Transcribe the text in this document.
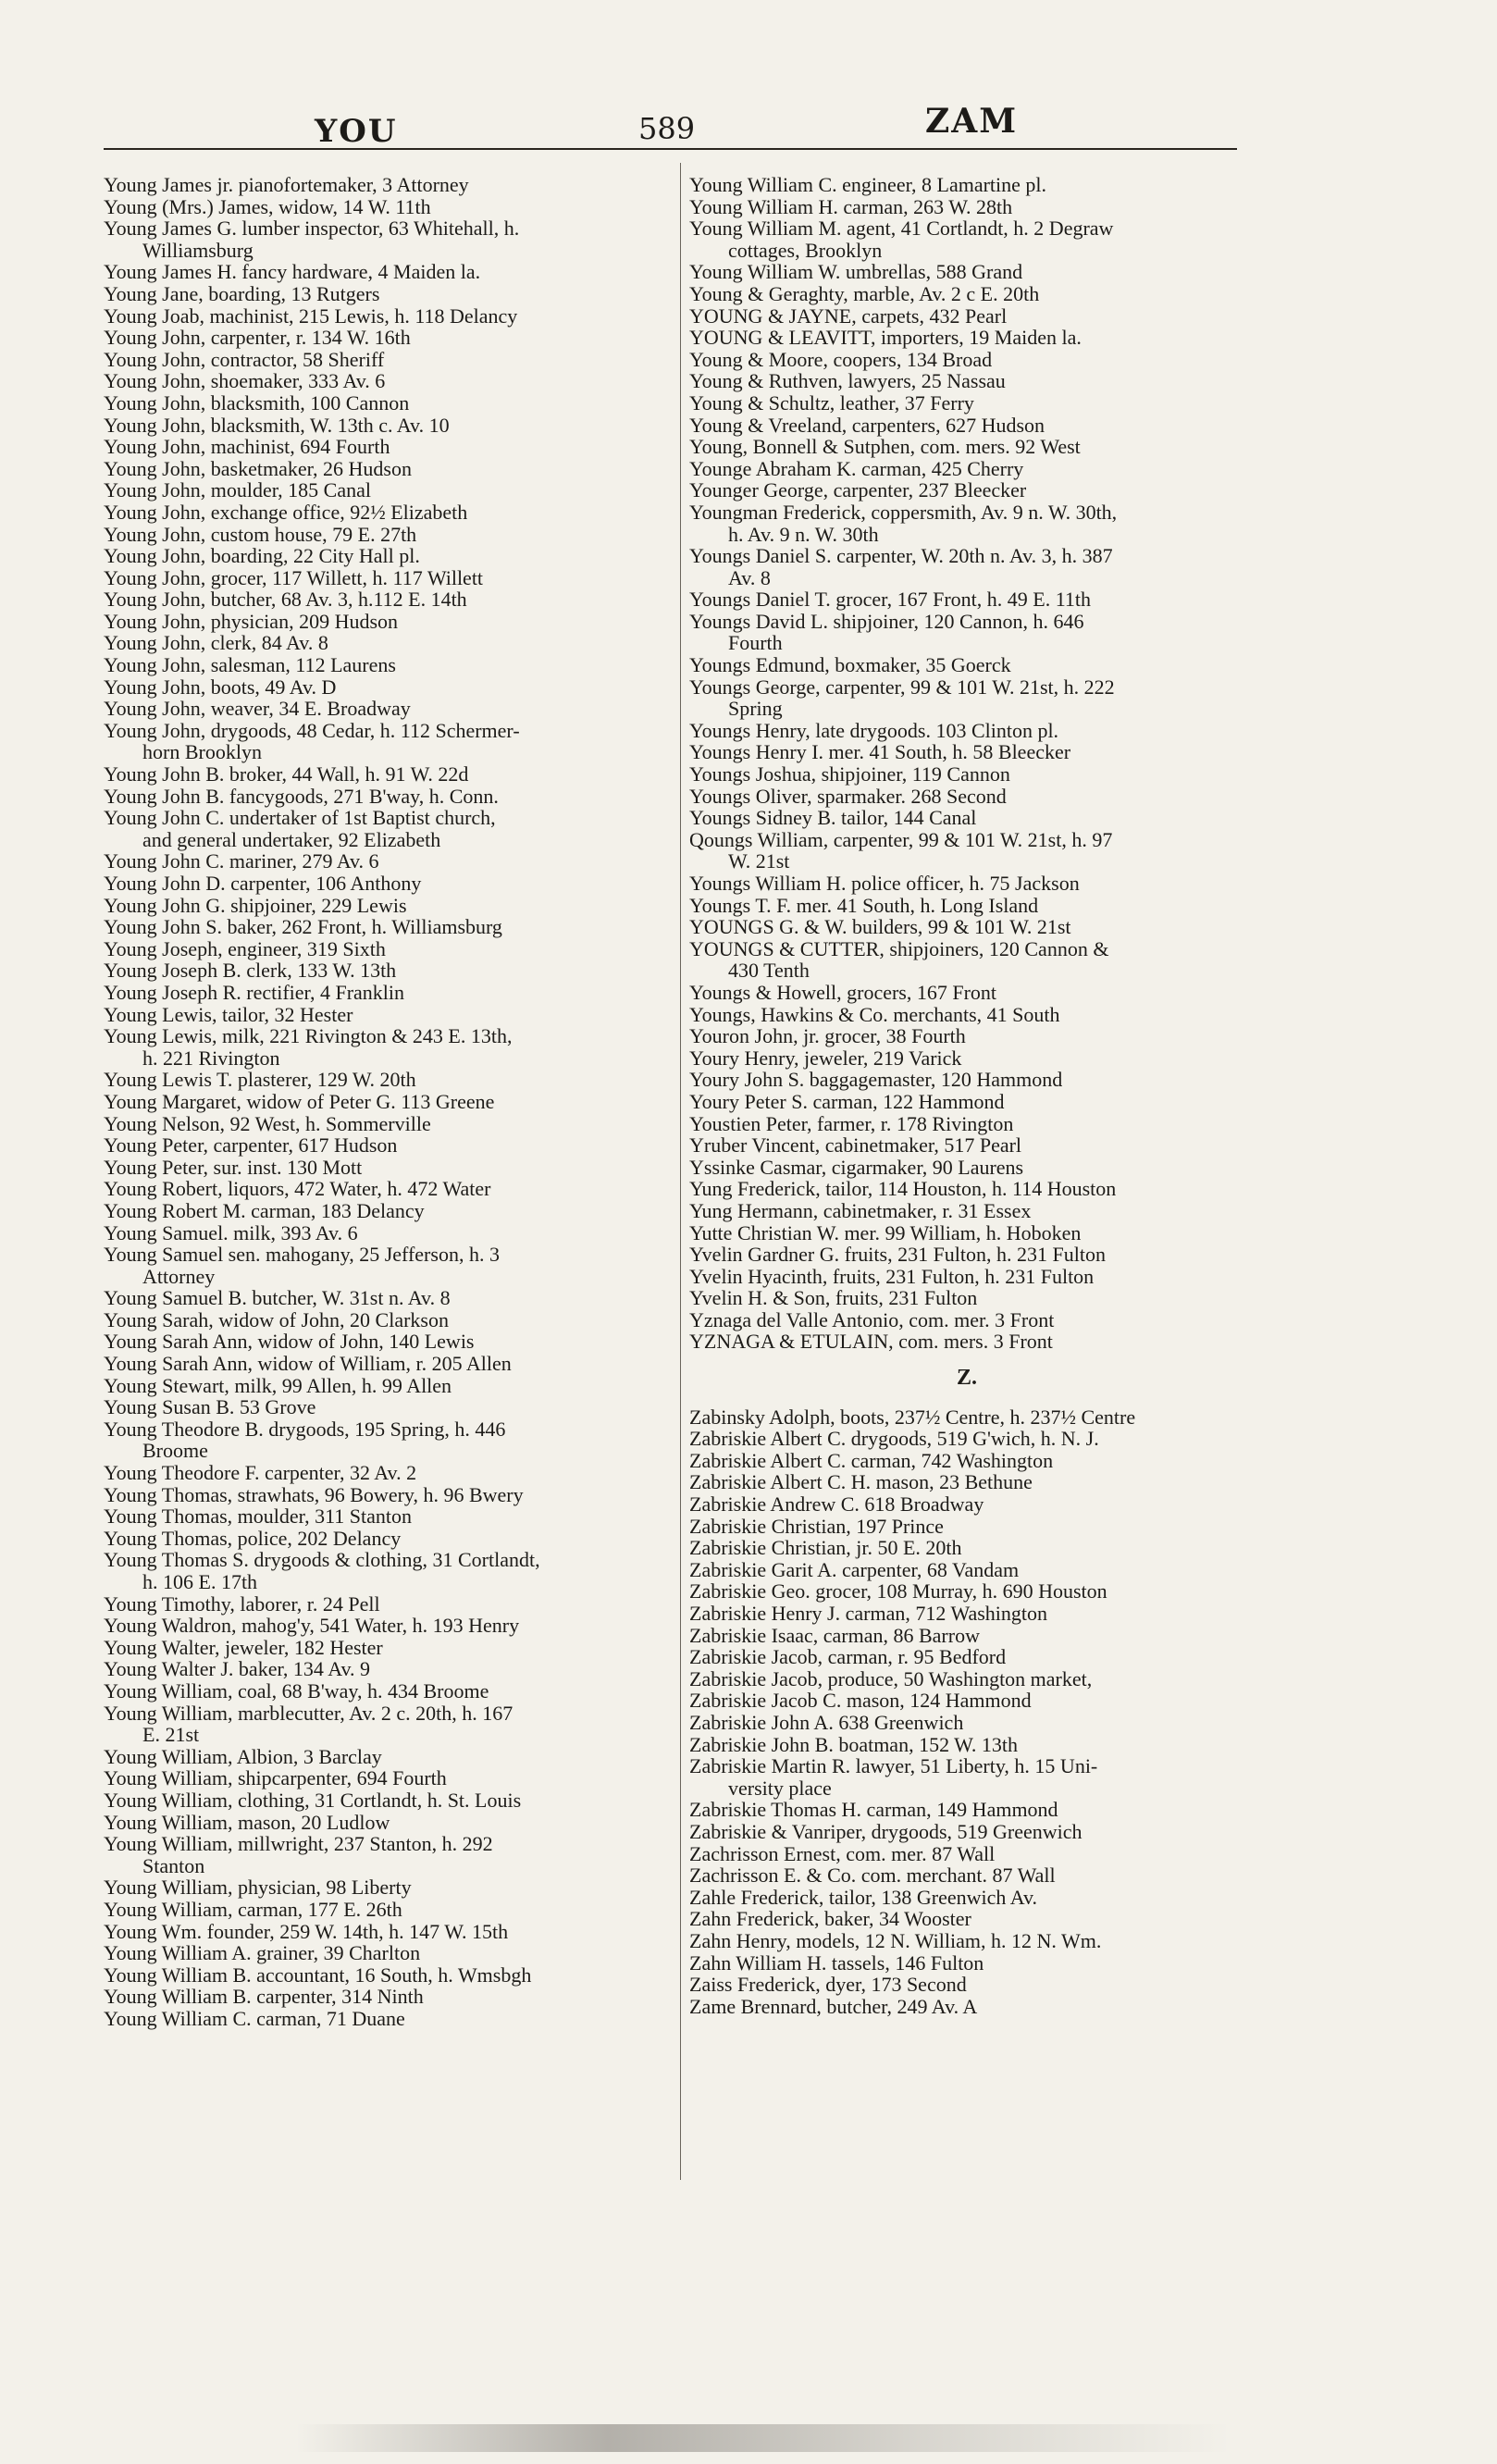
YOU	589	ZAM
Young James jr. pianofortemaker, 3 Attorney
Young (Mrs.) James, widow, 14 W. 11th
Young James G. lumber inspector, 63 Whitehall, h.
Williamsburg
Young James H. fancy hardware, 4 Maiden la.
Young Jane, boarding, 13 Rutgers
Young Joab, machinist, 215 Lewis, h. 118 Delancy
Young John, carpenter, r. 134 W. 16th
Young John, contractor, 58 Sheriff
Young John, shoemaker, 333 Av. 6
Young John, blacksmith, 100 Cannon
Young John, blacksmith, W. 13th c. Av. 10
Young John, machinist, 694 Fourth
Young John, basketmaker, 26 Hudson
Young John, moulder, 185 Canal
Young John, exchange office, 92½ Elizabeth
Young John, custom house, 79 E. 27th
Young John, boarding, 22 City Hall pl.
Young John, grocer, 117 Willett, h. 117 Willett
Young John, butcher, 68 Av. 3, h.112 E. 14th
Young John, physician, 209 Hudson
Young John, clerk, 84 Av. 8
Young John, salesman, 112 Laurens
Young John, boots, 49 Av. D
Young John, weaver, 34 E. Broadway
Young John, drygoods, 48 Cedar, h. 112 Schermer-
horn Brooklyn
Young John B. broker, 44 Wall, h. 91 W. 22d
Young John B. fancygoods, 271 B'way, h. Conn.
Young John C. undertaker of 1st Baptist church,
and general undertaker, 92 Elizabeth
Young John C. mariner, 279 Av. 6
Young John D. carpenter, 106 Anthony
Young John G. shipjoiner, 229 Lewis
Young John S. baker, 262 Front, h. Williamsburg
Young Joseph, engineer, 319 Sixth
Young Joseph B. clerk, 133 W. 13th
Young Joseph R. rectifier, 4 Franklin
Young Lewis, tailor, 32 Hester
Young Lewis, milk, 221 Rivington & 243 E. 13th,
h. 221 Rivington
Young Lewis T. plasterer, 129 W. 20th
Young Margaret, widow of Peter G. 113 Greene
Young Nelson, 92 West, h. Sommerville
Young Peter, carpenter, 617 Hudson
Young Peter, sur. inst. 130 Mott
Young Robert, liquors, 472 Water, h. 472 Water
Young Robert M. carman, 183 Delancy
Young Samuel. milk, 393 Av. 6
Young Samuel sen. mahogany, 25 Jefferson, h. 3
Attorney
Young Samuel B. butcher, W. 31st n. Av. 8
Young Sarah, widow of John, 20 Clarkson
Young Sarah Ann, widow of John, 140 Lewis
Young Sarah Ann, widow of William, r. 205 Allen
Young Stewart, milk, 99 Allen, h. 99 Allen
Young Susan B. 53 Grove
Young Theodore B. drygoods, 195 Spring, h. 446
Broome
Young Theodore F. carpenter, 32 Av. 2
Young Thomas, strawhats, 96 Bowery, h. 96 Bwery
Young Thomas, moulder, 311 Stanton
Young Thomas, police, 202 Delancy
Young Thomas S. drygoods & clothing, 31 Cortlandt,
h. 106 E. 17th
Young Timothy, laborer, r. 24 Pell
Young Waldron, mahog'y, 541 Water, h. 193 Henry
Young Walter, jeweler, 182 Hester
Young Walter J. baker, 134 Av. 9
Young William, coal, 68 B'way, h. 434 Broome
Young William, marblecutter, Av. 2 c. 20th, h. 167
E. 21st
Young William, Albion, 3 Barclay
Young William, shipcarpenter, 694 Fourth
Young William, clothing, 31 Cortlandt, h. St. Louis
Young William, mason, 20 Ludlow
Young William, millwright, 237 Stanton, h. 292
Stanton
Young William, physician, 98 Liberty
Young William, carman, 177 E. 26th
Young Wm. founder, 259 W. 14th, h. 147 W. 15th
Young William A. grainer, 39 Charlton
Young William B. accountant, 16 South, h. Wmsbgh
Young William B. carpenter, 314 Ninth
Young William C. carman, 71 Duane
Young William C. engineer, 8 Lamartine pl.
Young William H. carman, 263 W. 28th
Young William M. agent, 41 Cortlandt, h. 2 Degraw
cottages, Brooklyn
Young William W. umbrellas, 588 Grand
Young & Geraghty, marble, Av. 2 c E. 20th
YOUNG & JAYNE, carpets, 432 Pearl
YOUNG & LEAVITT, importers, 19 Maiden la.
Young & Moore, coopers, 134 Broad
Young & Ruthven, lawyers, 25 Nassau
Young & Schultz, leather, 37 Ferry
Young & Vreeland, carpenters, 627 Hudson
Young, Bonnell & Sutphen, com. mers. 92 West
Younge Abraham K. carman, 425 Cherry
Younger George, carpenter, 237 Bleecker
Youngman Frederick, coppersmith, Av. 9 n. W. 30th,
h. Av. 9 n. W. 30th
Youngs Daniel S. carpenter, W. 20th n. Av. 3, h. 387
Av. 8
Youngs Daniel T. grocer, 167 Front, h. 49 E. 11th
Youngs David L. shipjoiner, 120 Cannon, h. 646
Fourth
Youngs Edmund, boxmaker, 35 Goerck
Youngs George, carpenter, 99 & 101 W. 21st, h. 222
Spring
Youngs Henry, late drygoods. 103 Clinton pl.
Youngs Henry I. mer. 41 South, h. 58 Bleecker
Youngs Joshua, shipjoiner, 119 Cannon
Youngs Oliver, sparmaker. 268 Second
Youngs Sidney B. tailor, 144 Canal
Qoungs William, carpenter, 99 & 101 W. 21st, h. 97
W. 21st
Youngs William H. police officer, h. 75 Jackson
Youngs T. F. mer. 41 South, h. Long Island
YOUNGS G. & W. builders, 99 & 101 W. 21st
YOUNGS & CUTTER, shipjoiners, 120 Cannon &
430 Tenth
Youngs & Howell, grocers, 167 Front
Youngs, Hawkins & Co. merchants, 41 South
Youron John, jr. grocer, 38 Fourth
Youry Henry, jeweler, 219 Varick
Youry John S. baggagemaster, 120 Hammond
Youry Peter S. carman, 122 Hammond
Youstien Peter, farmer, r. 178 Rivington
Yruber Vincent, cabinetmaker, 517 Pearl
Yssinke Casmar, cigarmaker, 90 Laurens
Yung Frederick, tailor, 114 Houston, h. 114 Houston
Yung Hermann, cabinetmaker, r. 31 Essex
Yutte Christian W. mer. 99 William, h. Hoboken
Yvelin Gardner G. fruits, 231 Fulton, h. 231 Fulton
Yvelin Hyacinth, fruits, 231 Fulton, h. 231 Fulton
Yvelin H. & Son, fruits, 231 Fulton
Yznaga del Valle Antonio, com. mer. 3 Front
YZNAGA & ETULAIN, com. mers. 3 Front
Z.
Zabinsky Adolph, boots, 237½ Centre, h. 237½ Centre
Zabriskie Albert C. drygoods, 519 G'wich, h. N. J.
Zabriskie Albert C. carman, 742 Washington
Zabriskie Albert C. H. mason, 23 Bethune
Zabriskie Andrew C. 618 Broadway
Zabriskie Christian, 197 Prince
Zabriskie Christian, jr. 50 E. 20th
Zabriskie Garit A. carpenter, 68 Vandam
Zabriskie Geo. grocer, 108 Murray, h. 690 Houston
Zabriskie Henry J. carman, 712 Washington
Zabriskie Isaac, carman, 86 Barrow
Zabriskie Jacob, carman, r. 95 Bedford
Zabriskie Jacob, produce, 50 Washington market,
Zabriskie Jacob C. mason, 124 Hammond
Zabriskie John A. 638 Greenwich
Zabriskie John B. boatman, 152 W. 13th
Zabriskie Martin R. lawyer, 51 Liberty, h. 15 Uni-
versity place
Zabriskie Thomas H. carman, 149 Hammond
Zabriskie & Vanriper, drygoods, 519 Greenwich
Zachrisson Ernest, com. mer. 87 Wall
Zachrisson E. & Co. com. merchant. 87 Wall
Zahle Frederick, tailor, 138 Greenwich Av.
Zahn Frederick, baker, 34 Wooster
Zahn Henry, models, 12 N. William, h. 12 N. Wm.
Zahn William H. tassels, 146 Fulton
Zaiss Frederick, dyer, 173 Second
Zame Brennard, butcher, 249 Av. A
